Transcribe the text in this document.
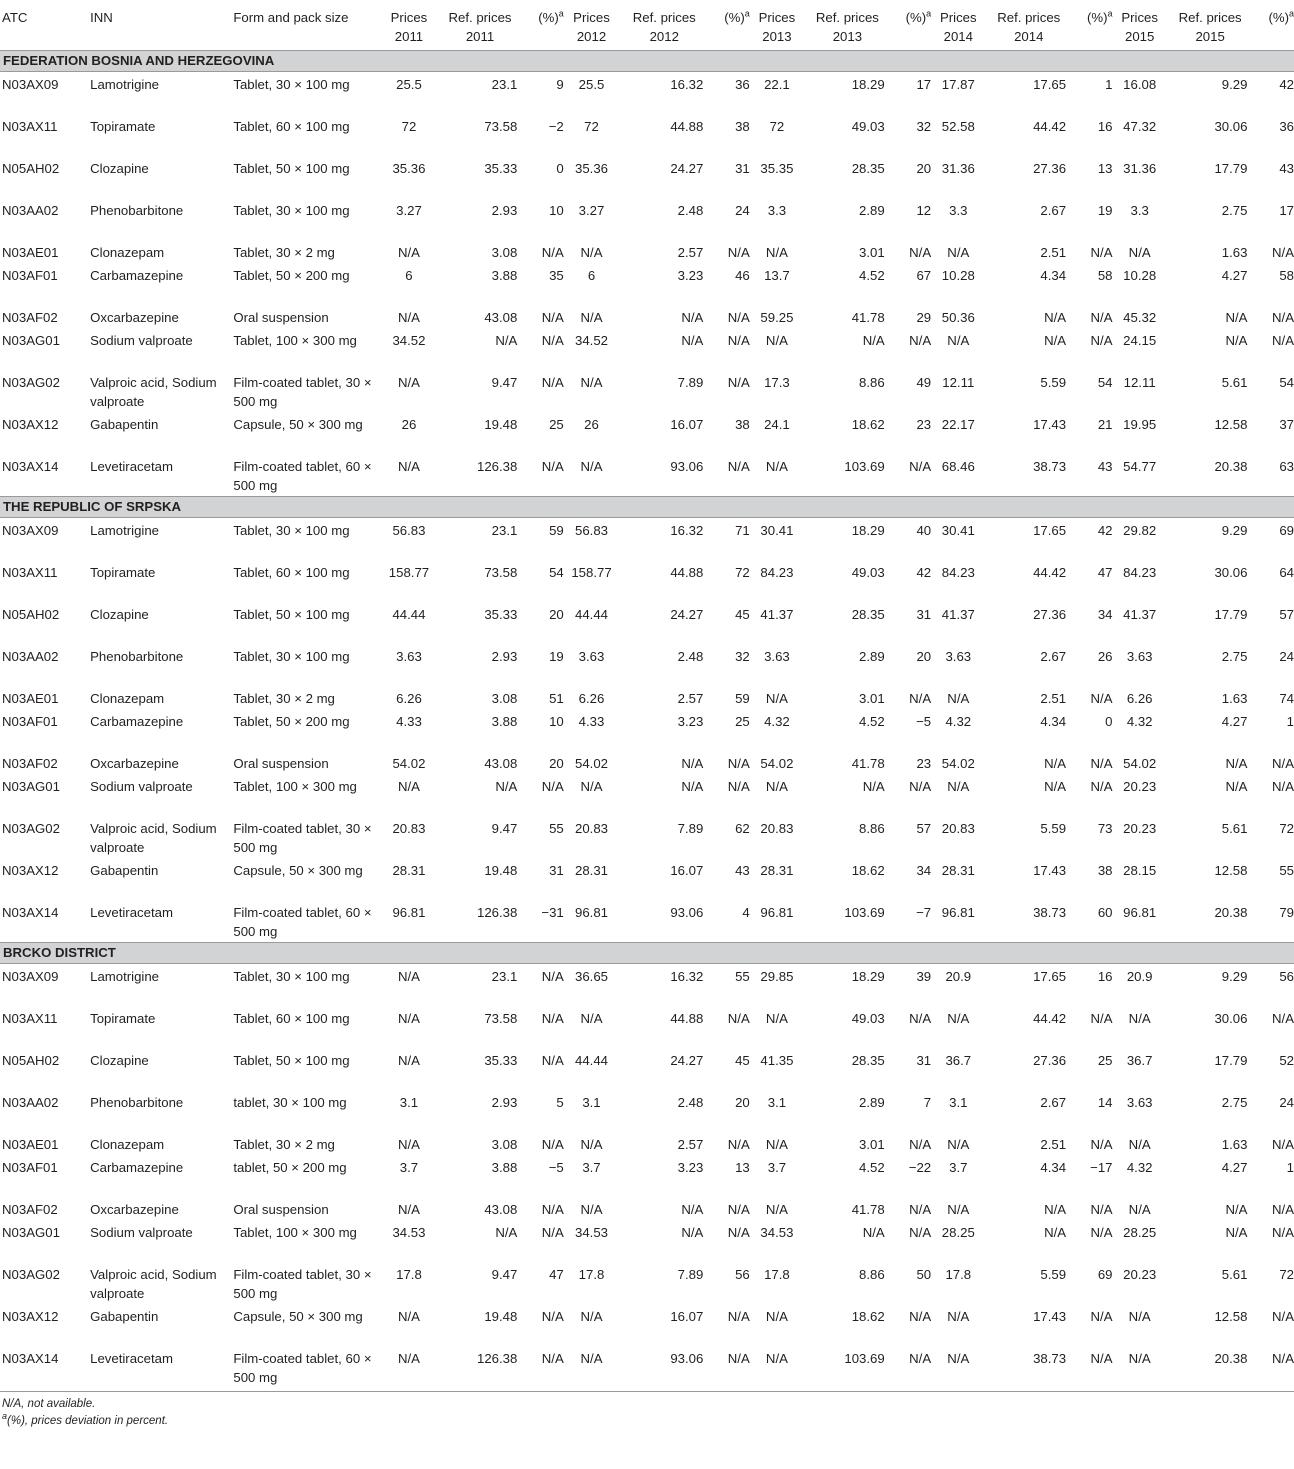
ATC	INN	Form and pack size	Prices 2011	Ref. prices 2011	(%)$^a$	Prices 2012	Ref. prices 2012	(%)$^a$	Prices 2013	Ref. prices 2013	(%)$^a$	Prices 2014	Ref. prices 2014	(%)$^a$	Prices 2015	Ref. prices 2015	(%)$^a$
FEDERATION BOSNIA AND HERZEGOVINA																	
N03AX09	Lamotrigine	Tablet, 30 × 100 mg	25.5	23.1	9	25.5	16.32	36	22.1	18.29	17	17.87	17.65	1	16.08	9.29	42
N03AX11	Topiramate	Tablet, 60 × 100 mg	72	73.58	−2	72	44.88	38	72	49.03	32	52.58	44.42	16	47.32	30.06	36
N05AH02	Clozapine	Tablet, 50 × 100 mg	35.36	35.33	0	35.36	24.27	31	35.35	28.35	20	31.36	27.36	13	31.36	17.79	43
N03AA02	Phenobarbitone	Tablet, 30 × 100 mg	3.27	2.93	10	3.27	2.48	24	3.3	2.89	12	3.3	2.67	19	3.3	2.75	17
N03AE01	Clonazepam	Tablet, 30 × 2 mg	N/A	3.08	N/A	N/A	2.57	N/A	N/A	3.01	N/A	N/A	2.51	N/A	N/A	1.63	N/A
N03AF01	Carbamazepine	Tablet, 50 × 200 mg	6	3.88	35	6	3.23	46	13.7	4.52	67	10.28	4.34	58	10.28	4.27	58
N03AF02	Oxcarbazepine	Oral suspension	N/A	43.08	N/A	N/A	N/A	N/A	59.25	41.78	29	50.36	N/A	N/A	45.32	N/A	N/A
N03AG01	Sodium valproate	Tablet, 100 × 300 mg	34.52	N/A	N/A	34.52	N/A	N/A	N/A	N/A	N/A	N/A	N/A	N/A	24.15	N/A	N/A
N03AG02	Valproic acid, Sodium valproate	Film-coated tablet, 30 × 500 mg	N/A	9.47	N/A	N/A	7.89	N/A	17.3	8.86	49	12.11	5.59	54	12.11	5.61	54
N03AX12	Gabapentin	Capsule, 50 × 300 mg	26	19.48	25	26	16.07	38	24.1	18.62	23	22.17	17.43	21	19.95	12.58	37
N03AX14	Levetiracetam	Film-coated tablet, 60 × 500 mg	N/A	126.38	N/A	N/A	93.06	N/A	N/A	103.69	N/A	68.46	38.73	43	54.77	20.38	63
THE REPUBLIC OF SRPSKA																	
N03AX09	Lamotrigine	Tablet, 30 × 100 mg	56.83	23.1	59	56.83	16.32	71	30.41	18.29	40	30.41	17.65	42	29.82	9.29	69
N03AX11	Topiramate	Tablet, 60 × 100 mg	158.77	73.58	54	158.77	44.88	72	84.23	49.03	42	84.23	44.42	47	84.23	30.06	64
N05AH02	Clozapine	Tablet, 50 × 100 mg	44.44	35.33	20	44.44	24.27	45	41.37	28.35	31	41.37	27.36	34	41.37	17.79	57
N03AA02	Phenobarbitone	Tablet, 30 × 100 mg	3.63	2.93	19	3.63	2.48	32	3.63	2.89	20	3.63	2.67	26	3.63	2.75	24
N03AE01	Clonazepam	Tablet, 30 × 2 mg	6.26	3.08	51	6.26	2.57	59	N/A	3.01	N/A	N/A	2.51	N/A	6.26	1.63	74
N03AF01	Carbamazepine	Tablet, 50 × 200 mg	4.33	3.88	10	4.33	3.23	25	4.32	4.52	−5	4.32	4.34	0	4.32	4.27	1
N03AF02	Oxcarbazepine	Oral suspension	54.02	43.08	20	54.02	N/A	N/A	54.02	41.78	23	54.02	N/A	N/A	54.02	N/A	N/A
N03AG01	Sodium valproate	Tablet, 100 × 300 mg	N/A	N/A	N/A	N/A	N/A	N/A	N/A	N/A	N/A	N/A	N/A	N/A	20.23	N/A	N/A
N03AG02	Valproic acid, Sodium valproate	Film-coated tablet, 30 × 500 mg	20.83	9.47	55	20.83	7.89	62	20.83	8.86	57	20.83	5.59	73	20.23	5.61	72
N03AX12	Gabapentin	Capsule, 50 × 300 mg	28.31	19.48	31	28.31	16.07	43	28.31	18.62	34	28.31	17.43	38	28.15	12.58	55
N03AX14	Levetiracetam	Film-coated tablet, 60 × 500 mg	96.81	126.38	−31	96.81	93.06	4	96.81	103.69	−7	96.81	38.73	60	96.81	20.38	79
BRCKO DISTRICT																	
N03AX09	Lamotrigine	Tablet, 30 × 100 mg	N/A	23.1	N/A	36.65	16.32	55	29.85	18.29	39	20.9	17.65	16	20.9	9.29	56
N03AX11	Topiramate	Tablet, 60 × 100 mg	N/A	73.58	N/A	N/A	44.88	N/A	N/A	49.03	N/A	N/A	44.42	N/A	N/A	30.06	N/A
N05AH02	Clozapine	Tablet, 50 × 100 mg	N/A	35.33	N/A	44.44	24.27	45	41.35	28.35	31	36.7	27.36	25	36.7	17.79	52
N03AA02	Phenobarbitone	tablet, 30 × 100 mg	3.1	2.93	5	3.1	2.48	20	3.1	2.89	7	3.1	2.67	14	3.63	2.75	24
N03AE01	Clonazepam	Tablet, 30 × 2 mg	N/A	3.08	N/A	N/A	2.57	N/A	N/A	3.01	N/A	N/A	2.51	N/A	N/A	1.63	N/A
N03AF01	Carbamazepine	tablet, 50 × 200 mg	3.7	3.88	−5	3.7	3.23	13	3.7	4.52	−22	3.7	4.34	−17	4.32	4.27	1
N03AF02	Oxcarbazepine	Oral suspension	N/A	43.08	N/A	N/A	N/A	N/A	N/A	41.78	N/A	N/A	N/A	N/A	N/A	N/A	N/A
N03AG01	Sodium valproate	Tablet, 100 × 300 mg	34.53	N/A	N/A	34.53	N/A	N/A	34.53	N/A	N/A	28.25	N/A	N/A	28.25	N/A	N/A
N03AG02	Valproic acid, Sodium valproate	Film-coated tablet, 30 × 500 mg	17.8	9.47	47	17.8	7.89	56	17.8	8.86	50	17.8	5.59	69	20.23	5.61	72
N03AX12	Gabapentin	Capsule, 50 × 300 mg	N/A	19.48	N/A	N/A	16.07	N/A	N/A	18.62	N/A	N/A	17.43	N/A	N/A	12.58	N/A
N03AX14	Levetiracetam	Film-coated tablet, 60 × 500 mg	N/A	126.38	N/A	N/A	93.06	N/A	N/A	103.69	N/A	N/A	38.73	N/A	N/A	20.38	N/A
N/A, not available.
$^a$(%), prices deviation in percent.
